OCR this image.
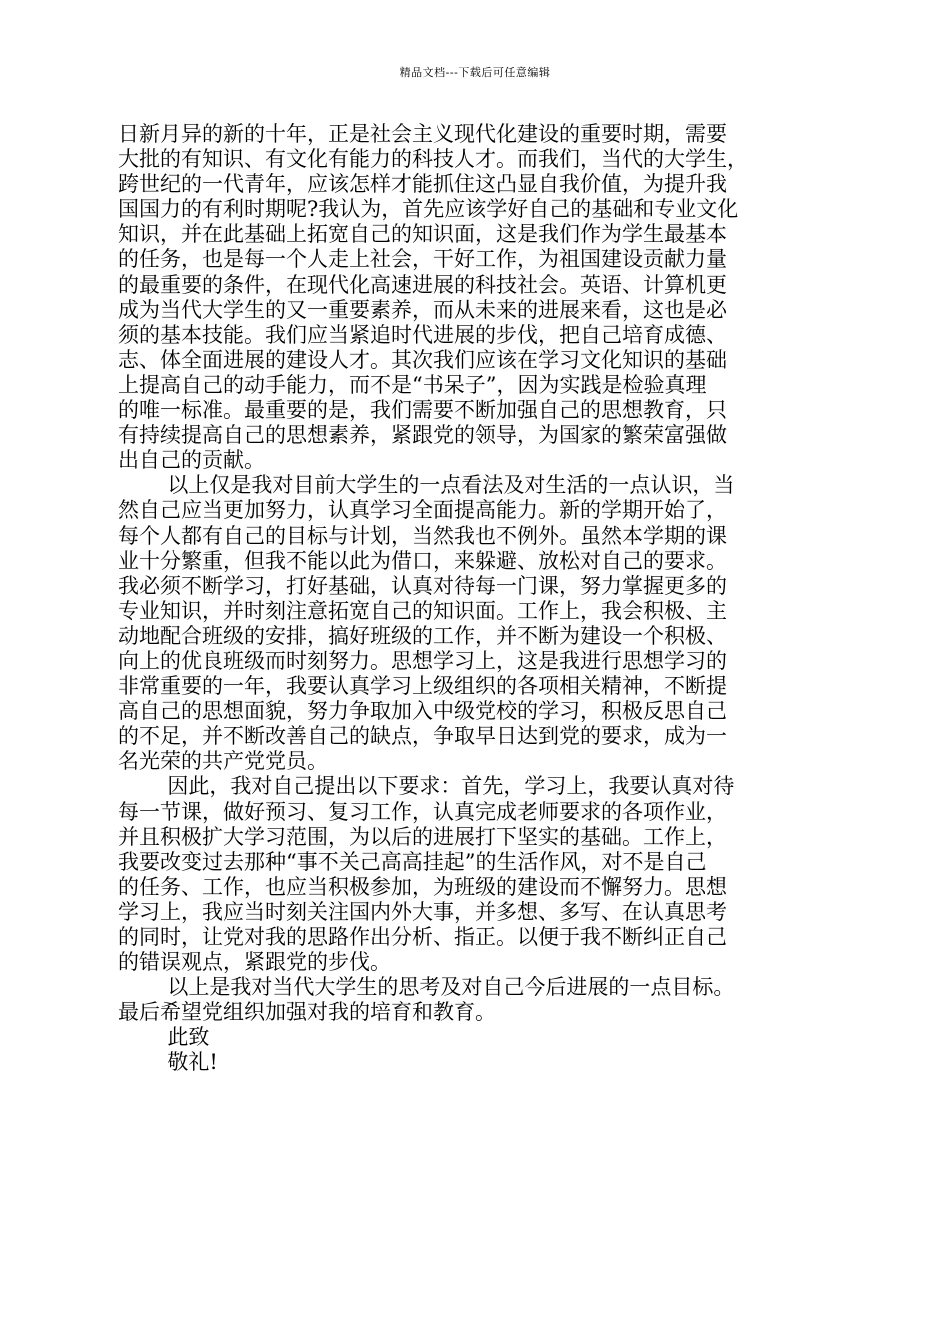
精品文档---下载后可任意编辑
日新月异的新的十年，正是社会主义现代化建设的重要时期，需要
大批的有知识、有文化有能力的科技人才。而我们，当代的大学生，
跨世纪的一代青年，应该怎样才能抓住这凸显自我价值，为提升我
国国力的有利时期呢?我认为，首先应该学好自己的基础和专业文化
知识，并在此基础上拓宽自己的知识面，这是我们作为学生最基本
的任务，也是每一个人走上社会，干好工作，为祖国建设贡献力量
的最重要的条件，在现代化高速进展的科技社会。英语、计算机更
成为当代大学生的又一重要素养，而从未来的进展来看，这也是必
须的基本技能。我们应当紧追时代进展的步伐，把自己培育成德、
志、体全面进展的建设人才。其次我们应该在学习文化知识的基础
上提高自己的动手能力，而不是“书呆子”，因为实践是检验真理
的唯一标准。最重要的是，我们需要不断加强自己的思想教育，只
有持续提高自己的思想素养，紧跟党的领导，为国家的繁荣富强做
出自己的贡献。
以上仅是我对目前大学生的一点看法及对生活的一点认识，当
然自己应当更加努力，认真学习全面提高能力。新的学期开始了，
每个人都有自己的目标与计划，当然我也不例外。虽然本学期的课
业十分繁重，但我不能以此为借口，来躲避、放松对自己的要求。
我必须不断学习，打好基础，认真对待每一门课，努力掌握更多的
专业知识，并时刻注意拓宽自己的知识面。工作上，我会积极、主
动地配合班级的安排，搞好班级的工作，并不断为建设一个积极、
向上的优良班级而时刻努力。思想学习上，这是我进行思想学习的
非常重要的一年，我要认真学习上级组织的各项相关精神，不断提
高自己的思想面貌，努力争取加入中级党校的学习，积极反思自己
的不足，并不断改善自己的缺点，争取早日达到党的要求，成为一
名光荣的共产党党员。
因此，我对自己提出以下要求：首先，学习上，我要认真对待
每一节课，做好预习、复习工作，认真完成老师要求的各项作业，
并且积极扩大学习范围，为以后的进展打下坚实的基础。工作上，
我要改变过去那种“事不关己高高挂起”的生活作风，对不是自己
的任务、工作，也应当积极参加，为班级的建设而不懈努力。思想
学习上，我应当时刻关注国内外大事，并多想、多写、在认真思考
的同时，让党对我的思路作出分析、指正。以便于我不断纠正自己
的错误观点，紧跟党的步伐。
以上是我对当代大学生的思考及对自己今后进展的一点目标。
最后希望党组织加强对我的培育和教育。
此致
敬礼!
